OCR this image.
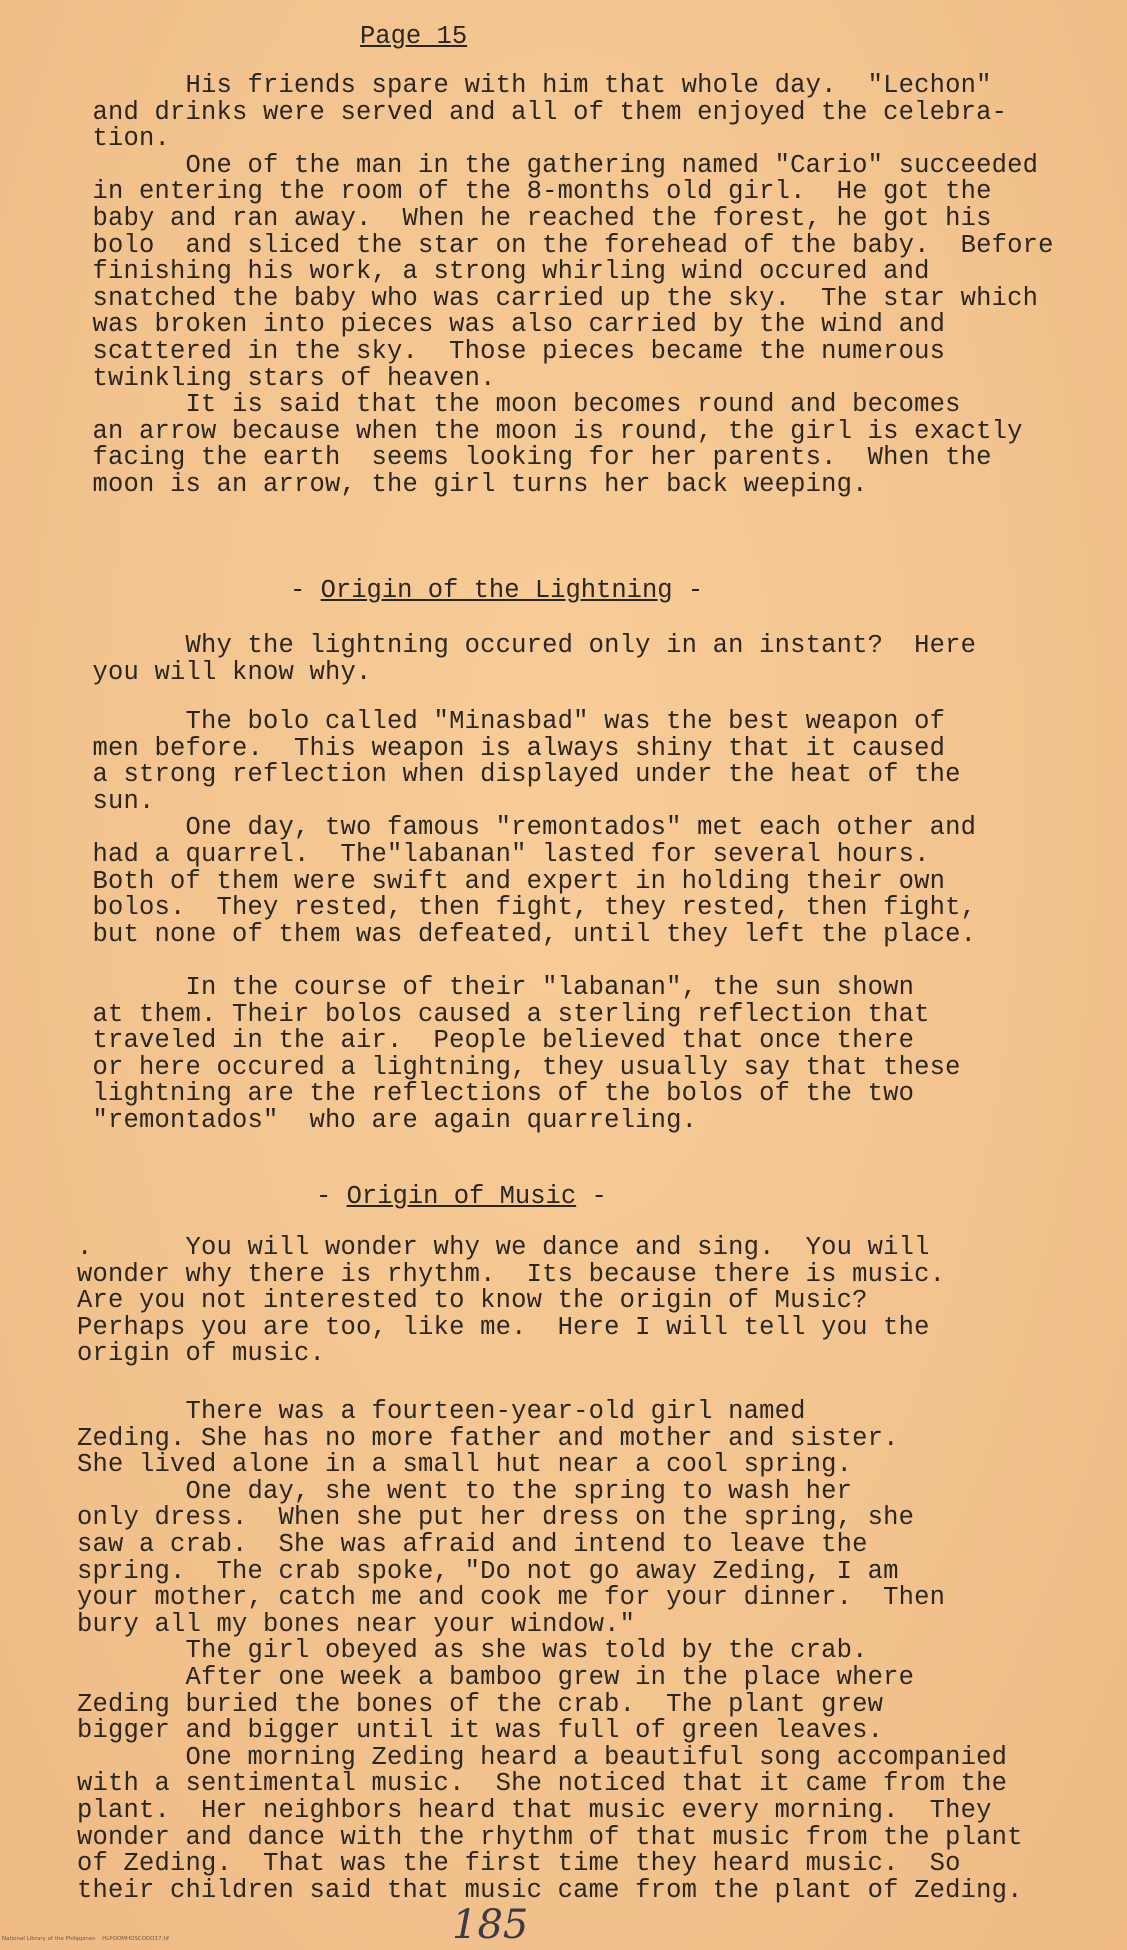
Page 15
His friends spare with him that whole day.  "Lechon"
and drinks were served and all of them enjoyed the celebra-
tion.
One of the man in the gathering named "Cario" succeeded
in entering the room of the 8-months old girl.  He got the
baby and ran away.  When he reached the forest, he got his
bolo  and sliced the star on the forehead of the baby.  Before
finishing his work, a strong whirling wind occured and
snatched the baby who was carried up the sky.  The star which
was broken into pieces was also carried by the wind and
scattered in the sky.  Those pieces became the numerous
twinkling stars of heaven.
It is said that the moon becomes round and becomes
an arrow because when the moon is round, the girl is exactly
facing the earth  seems looking for her parents.  When the
moon is an arrow, the girl turns her back weeping.
- Origin of the Lightning -
Why the lightning occured only in an instant?  Here
you will know why.
The bolo called "Minasbad" was the best weapon of
men before.  This weapon is always shiny that it caused
a strong reflection when displayed under the heat of the
sun.
One day, two famous "remontados" met each other and
had a quarrel.  The"labanan" lasted for several hours.
Both of them were swift and expert in holding their own
bolos.  They rested, then fight, they rested, then fight,
but none of them was defeated, until they left the place.
In the course of their "labanan", the sun shown
at them. Their bolos caused a sterling reflection that
traveled in the air.  People believed that once there
or here occured a lightning, they usually say that these
lightning are the reflections of the bolos of the two
"remontados"  who are again quarreling.
- Origin of Music -
.      You will wonder why we dance and sing.  You will
wonder why there is rhythm.  Its because there is music.
Are you not interested to know the origin of Music?
Perhaps you are too, like me.  Here I will tell you the
origin of music.
There was a fourteen-year-old girl named
Zeding. She has no more father and mother and sister.
She lived alone in a small hut near a cool spring.
One day, she went to the spring to wash her
only dress.  When she put her dress on the spring, she
saw a crab.  She was afraid and intend to leave the
spring.  The crab spoke, "Do not go away Zeding, I am
your mother, catch me and cook me for your dinner.  Then
bury all my bones near your window."
The girl obeyed as she was told by the crab.
After one week a bamboo grew in the place where
Zeding buried the bones of the crab.  The plant grew
bigger and bigger until it was full of green leaves.
One morning Zeding heard a beautiful song accompanied
with a sentimental music.  She noticed that it came from the
plant.  Her neighbors heard that music every morning.  They
wonder and dance with the rhythm of that music from the plant
of Zeding.  That was the first time they heard music.  So
their children said that music came from the plant of Zeding.
185
National Library of the Philippines    HLPOOMHDSCODO17.tif
